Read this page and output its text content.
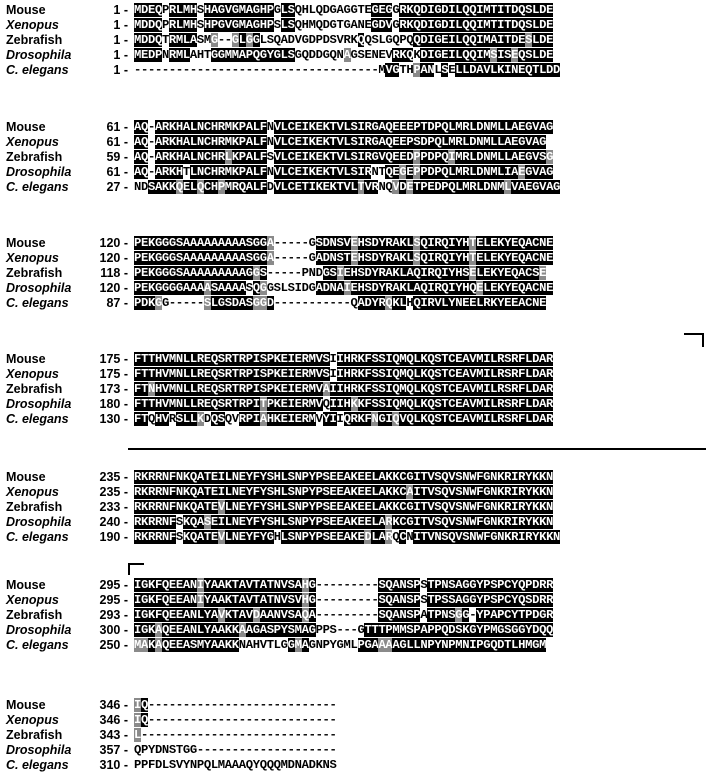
Mouse	1 - MDEQPRLMHSHAGVGMAGHPGLSQHLQDGAGGTEGEGGRKQDIGDILQQIMTITDQSLDE
Xenopus	1 - MDDQPRLMHSHPGVGMAGHPSLSQHMQDGTGANEGDVGRKQDIGDILQQIMTITDQSLDE
Zebrafish	1 - MDDQTRMLASMG--GLGGLSQADVGDPDSVRKQQSLGQPQQDIGEILQQIMAITDESLDE
Drosophila	1 - MEDPNRMLAHTGGMMAPQGYGLSGQDDGQNAGSENEVRKQKDIGEILQQIMSISEQSLDE
C. elegans	1 - -----------------------------------MVGTHPANLSELLDAVLKINEQTLDD
Mouse	61 - AQ-ARKHALNCHRMKPALFNVLCEIKEKTVLSIRGAQEEEPTDPQLMRLDNMLLAEGVAG
Xenopus	61 - AQ-ARKHALNCHRMKPALFNVLCEIKEKTVLSIRGAQEEPSDPQLMRLDNMLLAEGVAG
Zebrafish	59 - AQ-ARKHALNCHRLKPALFSVLCEIKEKTVLSIRGVQEEDPPDPQIMRLDNMLLAEGVSG
Drosophila	61 - AQ-ARKHTLNCHRMKPALFNVLCEIKEKTVLSIRNTQEGEPPDPQLMRLDNMLIAEGVAG
C. elegans	27 - NDSAKKQELQCHPMRQALFDVLCETIKEKTVLTVRNQVDETPEDPQLMRLDNMLVAEGVAG
Mouse	120 - PEKGGGSAAAAAAAAASGGA-----GSDNSVEHSDYRAKLSQIRQIYHTELEKYEQACNE
Xenopus	120 - PEKGGGSAAAAAAAAASGGA-----GADNSTEHSDYRAKLSQIRQIYHTELEKYEQACNE
Zebrafish	118 - PEKGGGSAAAAAAAAAGGS-----PNDGSIEHSDYRAKLAQIRQIYHSELEKYEQACSE
Drosophila	120 - PEKGGGGAAAASAAAASQGGSLSIDGADNAIEHSDYRAKLAQIRQIYHQELEKYEQACNE
C. elegans	87 - PDKGG-----SLGSDASGGD-----------QADYRQKLHQIRVLYNEELRKYEEACNE
Mouse	175 - FTTHVMNLLREQSRTRPISPKEIERMVSIIHRKFSSIQMQLKQSTCEAVMILRSRFLDAR
Xenopus	175 - FTTHVMNLLREQSRTRPISPKEIERMVSIIHRKFSSIQMQLKQSTCEAVMILRSRFLDAR
Zebrafish	173 - FTNHVMNLLREQSRTRPISPKEIERMVAIIHRKFSSIQMQLKQSTCEAVMILRSRFLDAR
Drosophila	180 - FTTHVMNLLREQSRTRPITPKEIERMVQIIHKKFSSIQMQLKQSTCEAVMILRSRFLDAR
C. elegans	130 - FTQHVRSLLKDQSQVRPIAHKEIERMVYIIQRKFNGIQVQLKQSTCEAVMILRSRFLDAR
Mouse	235 - RKRRNFNKQATEILNEYFYSHLSNPYPSEEAKEELAKKCGITVSQVSNWFGNKRIRYKKN
Xenopus	235 - RKRRNFNKQATEILNEYFYSHLSNPYPSEEAKEELAKKCAITVSQVSNWFGNKRIRYKKN
Zebrafish	233 - RKRRNFNKQATEVLNEYFYSHLSNPYPSEEAKEELAKKCGITVSQVSNWFGNKRIRYKKN
Drosophila	240 - RKRRNFSKQASEILNEYFYSHLSNPYPSEEAKEELARKCGITVSQVSNWFGNKRIRYKKN
C. elegans	190 - RKRRNFSKQATEVLNEYFYGHLSNPYPSEEAKEDLARQCNITVNSQVSNWFGNKRIRYKKN
Mouse	295 - IGKFQEEANIYAAKTAVTATNVSAHG---------SQANSPSTPNSAGGYPSPCYQPDRR
Xenopus	295 - IGKFQEEANIYAAKTAVTATNVSVHG---------SQANSPSTPSSAGGYPSPCYQSDRR
Zebrafish	293 - IGKFQEEANLYAVKTAVDAANVSAQA---------SQANSPATPNSGG-YPAPCYTPDGR
Drosophila	300 - IGKAQEEANLYAAKKAAGASPYSMAGPPS---GTTTPMMSPAPPQDSKGYPMGSGGYDQQ
C. elegans	250 - MAKAQEEASMYAAKKNAHVTLGGMAGNPYGMLPGAAAAGLLNPYNPMNIPGQDTLHMGM
Mouse	346 - IQ---------------------------
Xenopus	346 - IQ---------------------------
Zebrafish	343 - L----------------------------
Drosophila	357 - QPYDNSTGG--------------------
C. elegans	310 - PPFDLSVYNPQLMAAAQYQQQMDNADKNS
